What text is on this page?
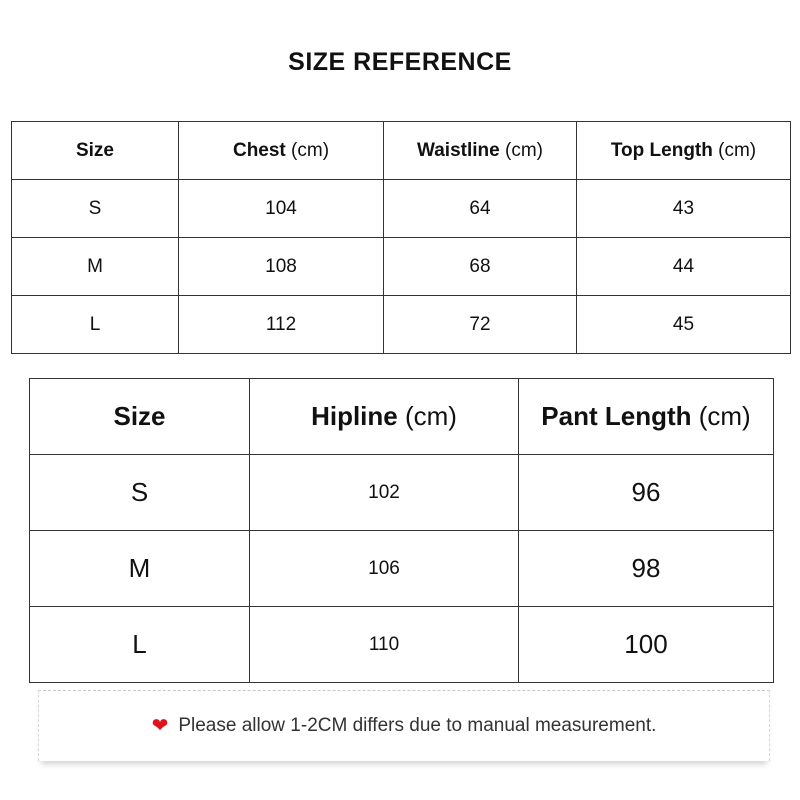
SIZE REFERENCE
Size	Chest (cm)	Waistline (cm)	Top Length (cm)
S	104	64	43
M	108	68	44
L	112	72	45
Size	Hipline (cm)	Pant Length (cm)
S	102	96
M	106	98
L	110	100
❤ Please allow 1-2CM differs due to manual measurement.
